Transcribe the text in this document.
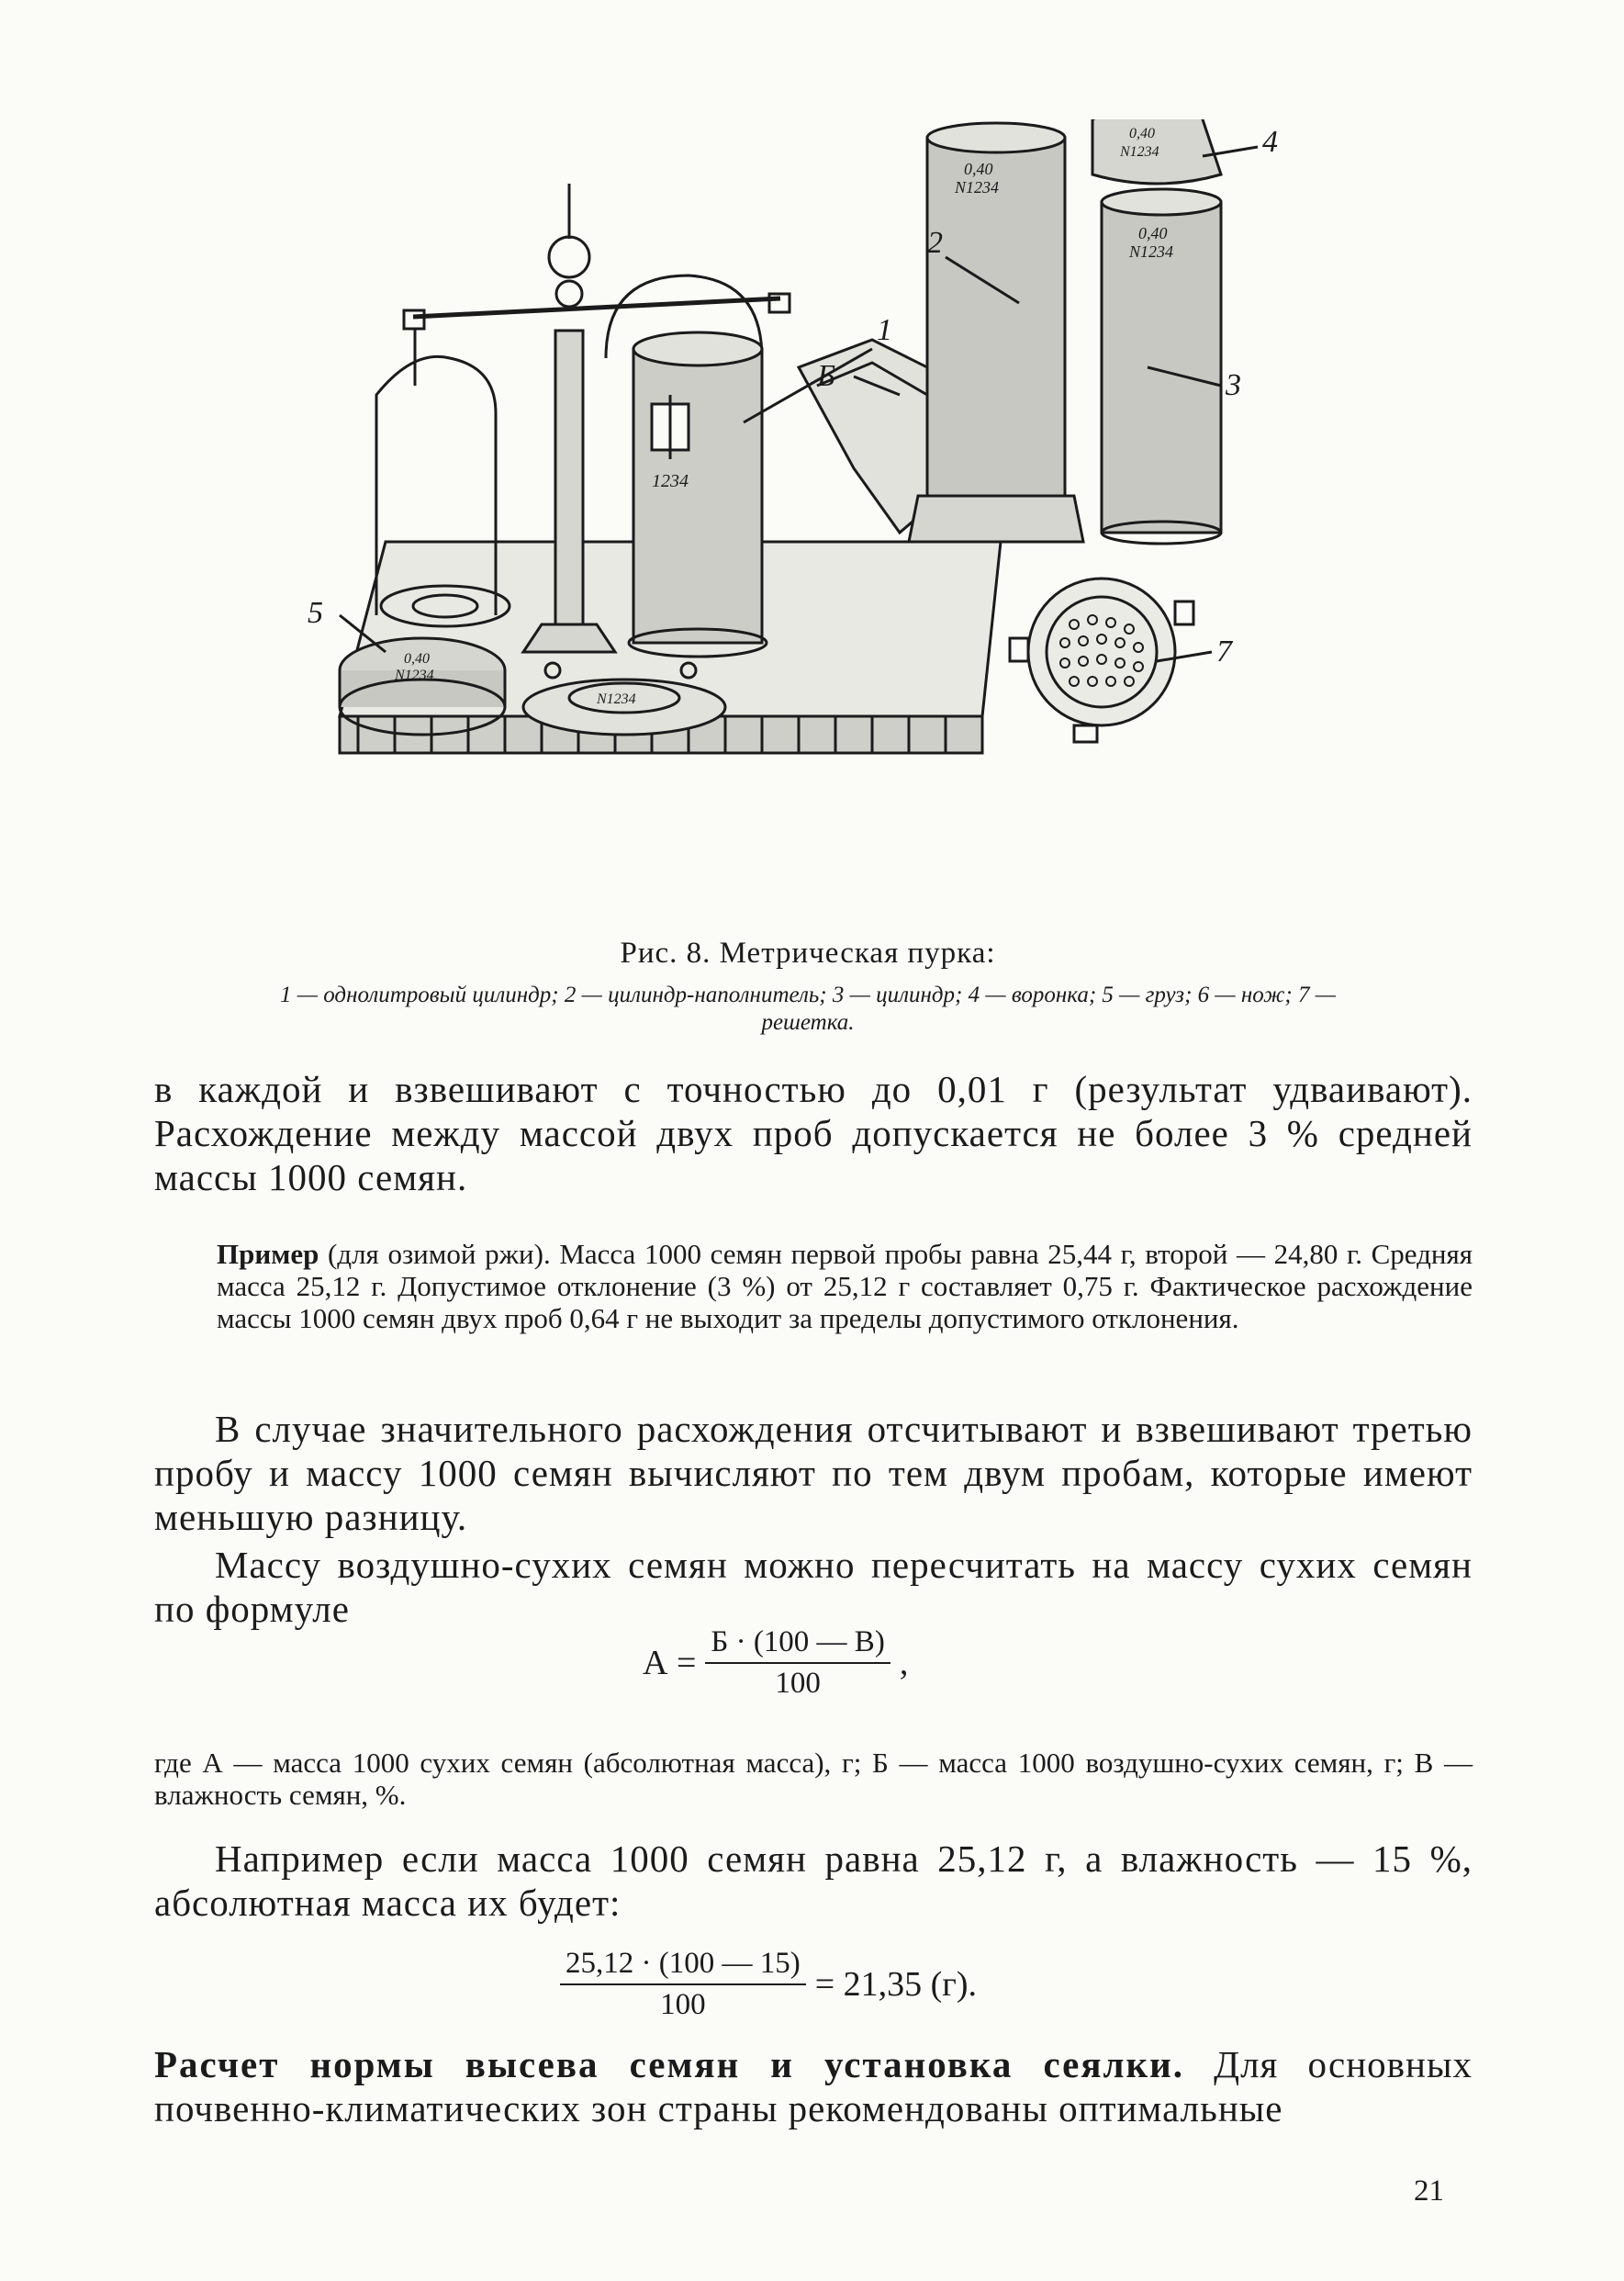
1234
N1234
0,40
N1234
0,40
N1234
0,40
N1234
0,40
N1234
1
2
3
4
5
Б
7
Рис. 8. Метрическая пурка:
1 — однолитровый цилиндр; 2 — цилиндр-наполнитель; 3 — цилиндр; 4 — воронка; 5 — груз; 6 — нож; 7 — решетка.
в каждой и взвешивают с точностью до 0,01 г (результат удваивают). Расхождение между массой двух проб допускается не более 3 % средней массы 1000 семян.
Пример (для озимой ржи). Масса 1000 семян первой пробы равна 25,44 г, второй — 24,80 г. Средняя масса 25,12 г. Допустимое отклонение (3 %) от 25,12 г составляет 0,75 г. Фактическое расхождение массы 1000 семян двух проб 0,64 г не выходит за пределы допустимого отклонения.
В случае значительного расхождения отсчитывают и взвешивают третью пробу и массу 1000 семян вычисляют по тем двум пробам, которые имеют меньшую разницу.
Массу воздушно-сухих семян можно пересчитать на массу сухих семян по формуле
$А = \frac{Б \cdot (100 — В)}{100}$ ,
где А — масса 1000 сухих семян (абсолютная масса), г; Б — масса 1000 воздушно-сухих семян, г; В — влажность семян, %.
Например если масса 1000 семян равна 25,12 г, а влажность — 15 %, абсолютная масса их будет:
$\frac{25,12 \cdot (100 — 15)}{100} = 21,35$ (г).
Расчет нормы высева семян и установка сеялки. Для основных почвенно-климатических зон страны рекомендованы оптимальные
21
